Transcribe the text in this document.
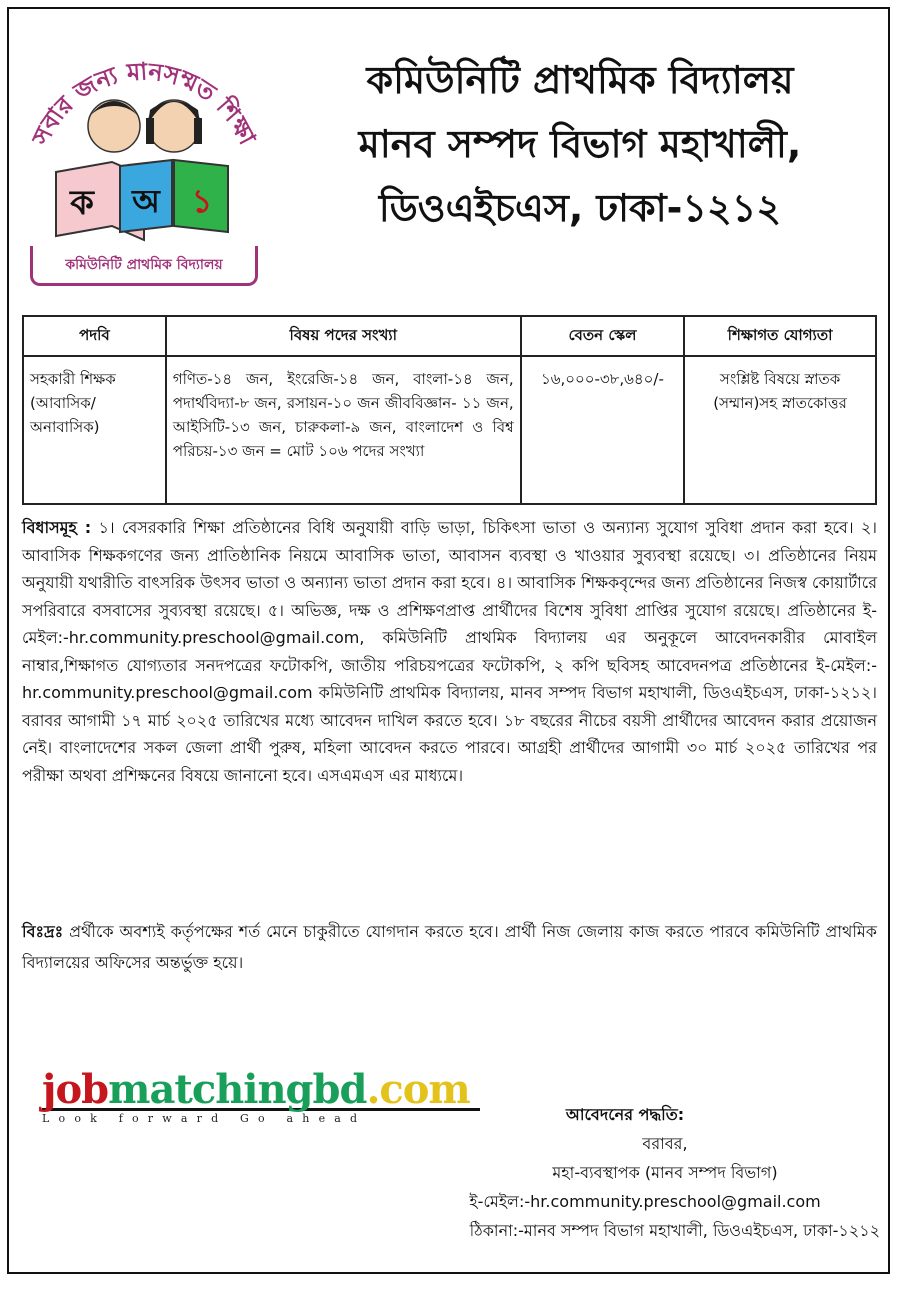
সবার জন্য মানসম্মত শিক্ষা
ক অ ১
কমিউনিটি প্রাথমিক বিদ্যালয়
কমিউনিটি প্রাথমিক বিদ্যালয়
মানব সম্পদ বিভাগ মহাখালী,
ডিওএইচএস, ঢাকা-১২১২
পদবি	বিষয় পদের সংখ্যা	বেতন স্কেল	শিক্ষাগত যোগ্যতা
সহকারী শিক্ষক (আবাসিক/ অনাবাসিক)	গণিত-১৪ জন, ইংরেজি-১৪ জন, বাংলা-১৪ জন, পদার্থবিদ্যা-৮ জন, রসায়ন-১০ জন জীববিজ্ঞান- ১১ জন, আইসিটি-১৩ জন, চারুকলা-৯ জন, বাংলাদেশ ও বিশ্ব পরিচয়-১৩ জন = মোট ১০৬ পদের সংখ্যা	১৬,০০০-৩৮,৬৪০/-	সংশ্লিষ্ট বিষয়ে স্নাতক (সম্মান)সহ স্নাতকোত্তর
বিধাসমূহ : ১। বেসরকারি শিক্ষা প্রতিষ্ঠানের বিধি অনুযায়ী বাড়ি ভাড়া, চিকিৎসা ভাতা ও অন্যান্য সুযোগ সুবিধা প্রদান করা হবে। ২। আবাসিক শিক্ষকগণের জন্য প্রাতিষ্ঠানিক নিয়মে আবাসিক ভাতা, আবাসন ব্যবস্থা ও খাওয়ার সুব্যবস্থা রয়েছে। ৩। প্রতিষ্ঠানের নিয়ম অনুযায়ী যথারীতি বাৎসরিক উৎসব ভাতা ও অন্যান্য ভাতা প্রদান করা হবে। ৪। আবাসিক শিক্ষকবৃন্দের জন্য প্রতিষ্ঠানের নিজস্ব কোয়ার্টারে সপরিবারে বসবাসের সুব্যবস্থা রয়েছে। ৫। অভিজ্ঞ, দক্ষ ও প্রশিক্ষণপ্রাপ্ত প্রার্থীদের বিশেষ সুবিধা প্রাপ্তির সুযোগ রয়েছে। প্রতিষ্ঠানের ই-মেইল:-hr.community.preschool@gmail.com, কমিউনিটি প্রাথমিক বিদ্যালয় এর অনুকূলে আবেদনকারীর মোবাইল নাম্বার,শিক্ষাগত যোগ্যতার সনদপত্রের ফটোকপি, জাতীয় পরিচয়পত্রের ফটোকপি, ২ কপি ছবিসহ আবেদনপত্র প্রতিষ্ঠানের ই-মেইল:- hr.community.preschool@gmail.com কমিউনিটি প্রাথমিক বিদ্যালয়, মানব সম্পদ বিভাগ মহাখালী, ডিওএইচএস, ঢাকা-১২১২। বরাবর আগামী ১৭ মার্চ ২০২৫ তারিখের মধ্যে আবেদন দাখিল করতে হবে। ১৮ বছরের নীচের বয়সী প্রার্থীদের আবেদন করার প্রয়োজন নেই। বাংলাদেশের সকল জেলা প্রার্থী পুরুষ, মহিলা আবেদন করতে পারবে। আগ্রহী প্রার্থীদের আগামী ৩০ মার্চ ২০২৫ তারিখের পর পরীক্ষা অথবা প্রশিক্ষনের বিষয়ে জানানো হবে। এসএমএস এর মাধ্যমে।
বিঃদ্রঃ প্রর্থীকে অবশ্যই কর্তৃপক্ষের শর্ত মেনে চাকুরীতে যোগদান করতে হবে। প্রার্থী নিজ জেলায় কাজ করতে পারবে কমিউনিটি প্রাথমিক বিদ্যালয়ের অফিসের অন্তর্ভুক্ত হয়ে।
jobmatchingbd.com
Look forward Go ahead	আবেদনের পদ্ধতি:
বরাবর,
মহা-ব্যবস্থাপক (মানব সম্পদ বিভাগ)
ই-মেইল:-hr.community.preschool@gmail.com
ঠিকানা:-মানব সম্পদ বিভাগ মহাখালী, ডিওএইচএস, ঢাকা-১২১২
